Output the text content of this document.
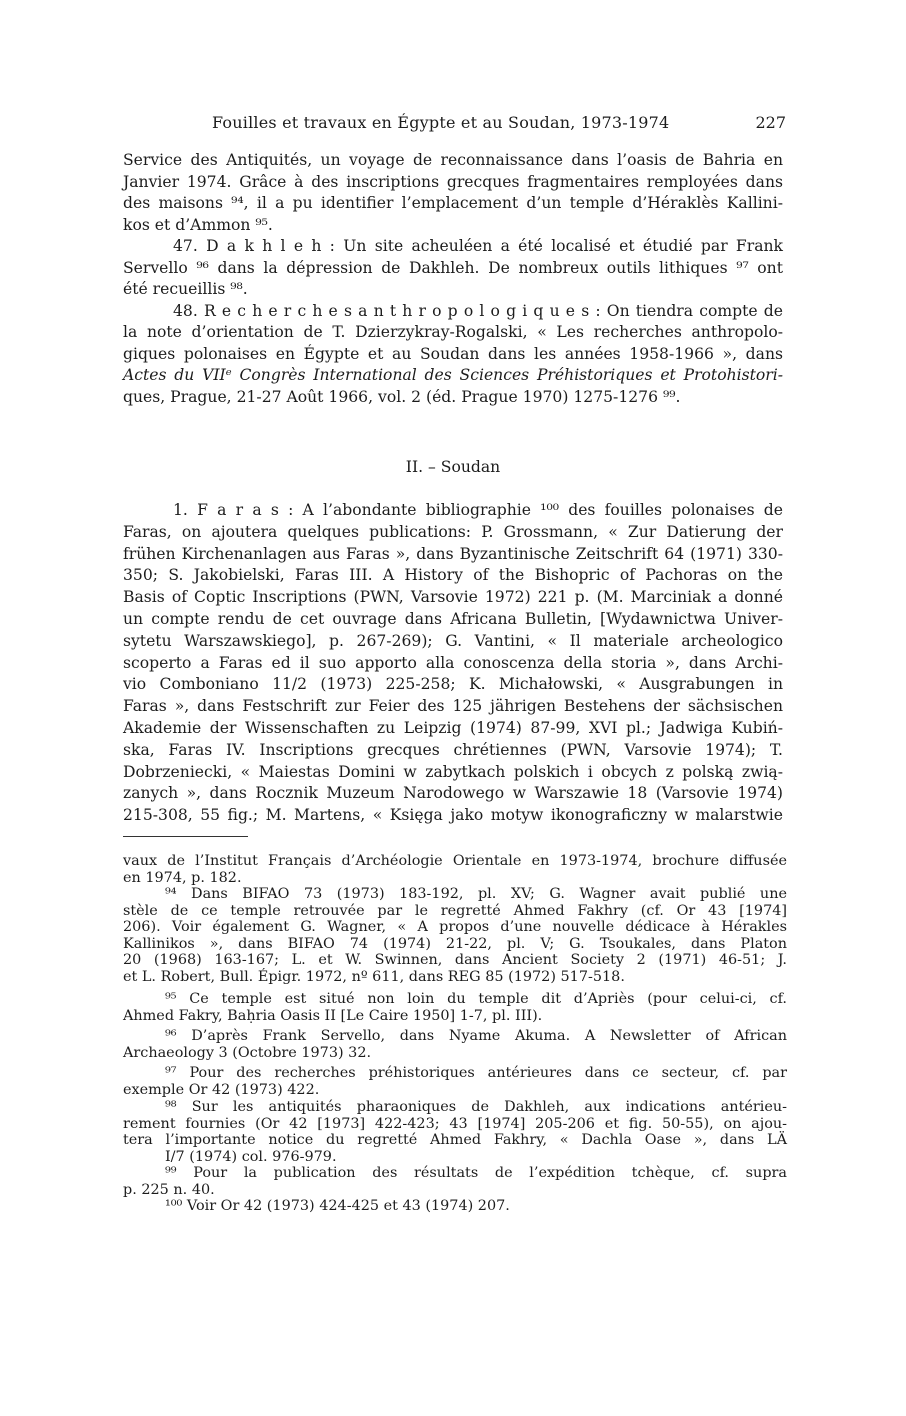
Fouilles et travaux en Égypte et au Soudan, 1973-1974	227
Service des Antiquités, un voyage de reconnaissance dans l’oasis de Bahria en
Janvier 1974. Grâce à des inscriptions grecques fragmentaires remployées dans
des maisons ⁹⁴, il a pu identifier l’emplacement d’un temple d’Héraklès Kallini-
kos et d’Ammon ⁹⁵.
47. D a k h l e h : Un site acheuléen a été localisé et étudié par Frank
Servello ⁹⁶ dans la dépression de Dakhleh. De nombreux outils lithiques ⁹⁷ ont
été recueillis ⁹⁸.
48. R e c h e r c h e s a n t h r o p o l o g i q u e s : On tiendra compte de
la note d’orientation de T. Dzierzykray-Rogalski, « Les recherches anthropolo-
giques polonaises en Égypte et au Soudan dans les années 1958-1966 », dans
Actes du VIIᵉ Congrès International des Sciences Préhistoriques et Protohistori-
ques, Prague, 21-27 Août 1966, vol. 2 (éd. Prague 1970) 1275-1276 ⁹⁹.
II. – Soudan
1. F a r a s : A l’abondante bibliographie ¹⁰⁰ des fouilles polonaises de
Faras, on ajoutera quelques publications: P. Grossmann, « Zur Datierung der
frühen Kirchenanlagen aus Faras », dans Byzantinische Zeitschrift 64 (1971) 330-
350; S. Jakobielski, Faras III. A History of the Bishopric of Pachoras on the
Basis of Coptic Inscriptions (PWN, Varsovie 1972) 221 p. (M. Marciniak a donné
un compte rendu de cet ouvrage dans Africana Bulletin, [Wydawnictwa Univer-
sytetu Warszawskiego], p. 267-269); G. Vantini, « Il materiale archeologico
scoperto a Faras ed il suo apporto alla conoscenza della storia », dans Archi-
vio Comboniano 11/2 (1973) 225-258; K. Michałowski, « Ausgrabungen in
Faras », dans Festschrift zur Feier des 125 jährigen Bestehens der sächsischen
Akademie der Wissenschaften zu Leipzig (1974) 87-99, XVI pl.; Jadwiga Kubiń-
ska, Faras IV. Inscriptions grecques chrétiennes (PWN, Varsovie 1974); T.
Dobrzeniecki, « Maiestas Domini w zabytkach polskich i obcych z polską zwią-
zanych », dans Rocznik Muzeum Narodowego w Warszawie 18 (Varsovie 1974)
215-308, 55 fig.; M. Martens, « Księga jako motyw ikonograficzny w malarstwie
vaux de l’Institut Français d’Archéologie Orientale en 1973-1974, brochure diffusée
en 1974, p. 182.
⁹⁴ Dans BIFAO 73 (1973) 183-192, pl. XV; G. Wagner avait publié une
stèle de ce temple retrouvée par le regretté Ahmed Fakhry (cf. Or 43 [1974]
206). Voir également G. Wagner, « A propos d’une nouvelle dédicace à Hérakles
Kallinikos », dans BIFAO 74 (1974) 21-22, pl. V; G. Tsoukales, dans Platon
20 (1968) 163-167; L. et W. Swinnen, dans Ancient Society 2 (1971) 46-51; J.
et L. Robert, Bull. Épigr. 1972, nº 611, dans REG 85 (1972) 517-518.
⁹⁵ Ce temple est situé non loin du temple dit d’Apriès (pour celui-ci, cf.
Ahmed Fakry, Baḥria Oasis II [Le Caire 1950] 1-7, pl. III).
⁹⁶ D’après Frank Servello, dans Nyame Akuma. A Newsletter of African
Archaeology 3 (Octobre 1973) 32.
⁹⁷ Pour des recherches préhistoriques antérieures dans ce secteur, cf. par
exemple Or 42 (1973) 422.
⁹⁸ Sur les antiquités pharaoniques de Dakhleh, aux indications antérieu-
rement fournies (Or 42 [1973] 422-423; 43 [1974] 205-206 et fig. 50-55), on ajou-
tera l’importante notice du regretté Ahmed Fakhry, « Dachla Oase », dans LÄ
I/7 (1974) col. 976-979.
⁹⁹ Pour la publication des résultats de l’expédition tchèque, cf. supra
p. 225 n. 40.
¹⁰⁰ Voir Or 42 (1973) 424-425 et 43 (1974) 207.
